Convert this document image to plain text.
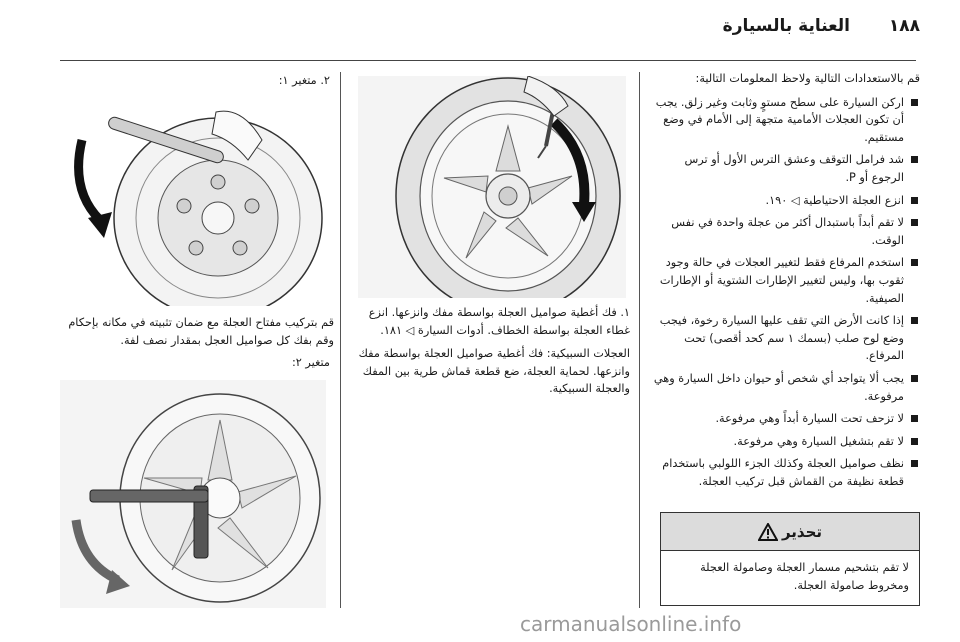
١٨٨
العناية بالسيارة

قم بالاستعدادات التالية ولاحظ المعلومات التالية:

اركن السيارة على سطح مستوٍ وثابت وغير زلق. يجب أن تكون العجلات الأمامية متجهة إلى الأمام في وضع مستقيم.
شد فرامل التوقف وعشق الترس الأول أو ترس الرجوع أو P.
انزع العجلة الاحتياطية ◁ ١٩٠.
لا تقم أبداً باستبدال أكثر من عجلة واحدة في نفس الوقت.
استخدم المرفاع فقط لتغيير العجلات في حالة وجود ثقوب بها، وليس لتغيير الإطارات الشتوية أو الإطارات الصيفية.
إذا كانت الأرض التي تقف عليها السيارة رخوة، فيجب وضع لوح صلب (بسمك ١ سم كحد أقصى) تحت المرفاع.
يجب ألا يتواجد أي شخص أو حيوان داخل السيارة وهي مرفوعة.
لا تزحف تحت السيارة أبداً وهي مرفوعة.
لا تقم بتشغيل السيارة وهي مرفوعة.
نظف صواميل العجلة وكذلك الجزء اللولبي باستخدام قطعة نظيفة من القماش قبل تركيب العجلة.
تحذير
لا تقم بتشحيم مسمار العجلة وصامولة العجلة ومخروط صامولة العجلة.

١. فك أغطية صواميل العجلة بواسطة مفك وانزعها. انزع غطاء العجلة بواسطة الخطاف. أدوات السيارة ◁ ١٨١.

العجلات السبيكية: فك أغطية صواميل العجلة بواسطة مفك وانزعها. لحماية العجلة، ضع قطعة قماش طرية بين المفك والعجلة السبيكية.

٢. متغير ١:
قم بتركيب مفتاح العجلة مع ضمان تثبيته في مكانه بإحكام وقم بفك كل صواميل العجل بمقدار نصف لفة.
متغير ٢:
carmanualsonline.info
